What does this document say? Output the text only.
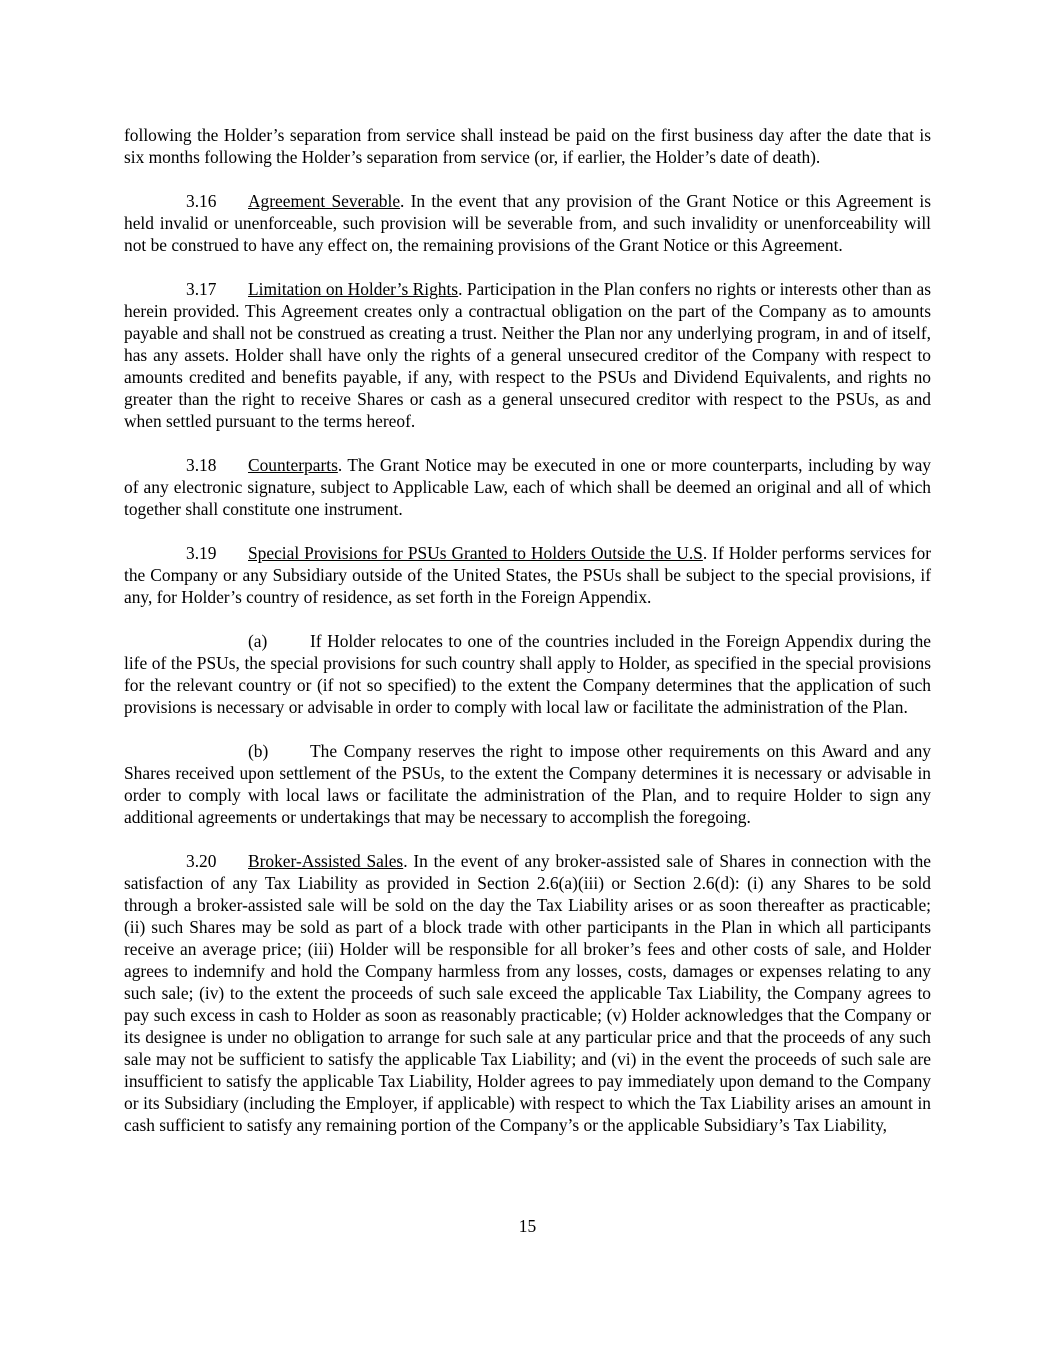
following the Holder’s separation from service shall instead be paid on the first business day after the date that is six months following the Holder’s separation from service (or, if earlier, the Holder’s date of death).

3.16 Agreement Severable. In the event that any provision of the Grant Notice or this Agreement is held invalid or unenforceable, such provision will be severable from, and such invalidity or unenforceability will not be construed to have any effect on, the remaining provisions of the Grant Notice or this Agreement.

3.17 Limitation on Holder’s Rights. Participation in the Plan confers no rights or interests other than as herein provided. This Agreement creates only a contractual obligation on the part of the Company as to amounts payable and shall not be construed as creating a trust. Neither the Plan nor any underlying program, in and of itself, has any assets. Holder shall have only the rights of a general unsecured creditor of the Company with respect to amounts credited and benefits payable, if any, with respect to the PSUs and Dividend Equivalents, and rights no greater than the right to receive Shares or cash as a general unsecured creditor with respect to the PSUs, as and when settled pursuant to the terms hereof.

3.18 Counterparts. The Grant Notice may be executed in one or more counterparts, including by way of any electronic signature, subject to Applicable Law, each of which shall be deemed an original and all of which together shall constitute one instrument.

3.19 Special Provisions for PSUs Granted to Holders Outside the U.S. If Holder performs services for the Company or any Subsidiary outside of the United States, the PSUs shall be subject to the special provisions, if any, for Holder’s country of residence, as set forth in the Foreign Appendix.

(a) If Holder relocates to one of the countries included in the Foreign Appendix during the life of the PSUs, the special provisions for such country shall apply to Holder, as specified in the special provisions for the relevant country or (if not so specified) to the extent the Company determines that the application of such provisions is necessary or advisable in order to comply with local law or facilitate the administration of the Plan.

(b) The Company reserves the right to impose other requirements on this Award and any Shares received upon settlement of the PSUs, to the extent the Company determines it is necessary or advisable in order to comply with local laws or facilitate the administration of the Plan, and to require Holder to sign any additional agreements or undertakings that may be necessary to accomplish the foregoing.

3.20 Broker-Assisted Sales. In the event of any broker-assisted sale of Shares in connection with the satisfaction of any Tax Liability as provided in Section 2.6(a)(iii) or Section 2.6(d): (i) any Shares to be sold through a broker-assisted sale will be sold on the day the Tax Liability arises or as soon thereafter as practicable; (ii) such Shares may be sold as part of a block trade with other participants in the Plan in which all participants receive an average price; (iii) Holder will be responsible for all broker’s fees and other costs of sale, and Holder agrees to indemnify and hold the Company harmless from any losses, costs, damages or expenses relating to any such sale; (iv) to the extent the proceeds of such sale exceed the applicable Tax Liability, the Company agrees to pay such excess in cash to Holder as soon as reasonably practicable; (v) Holder acknowledges that the Company or its designee is under no obligation to arrange for such sale at any particular price and that the proceeds of any such sale may not be sufficient to satisfy the applicable Tax Liability; and (vi) in the event the proceeds of such sale are insufficient to satisfy the applicable Tax Liability, Holder agrees to pay immediately upon demand to the Company or its Subsidiary (including the Employer, if applicable) with respect to which the Tax Liability arises an amount in cash sufficient to satisfy any remaining portion of the Company’s or the applicable Subsidiary’s Tax Liability,

15
